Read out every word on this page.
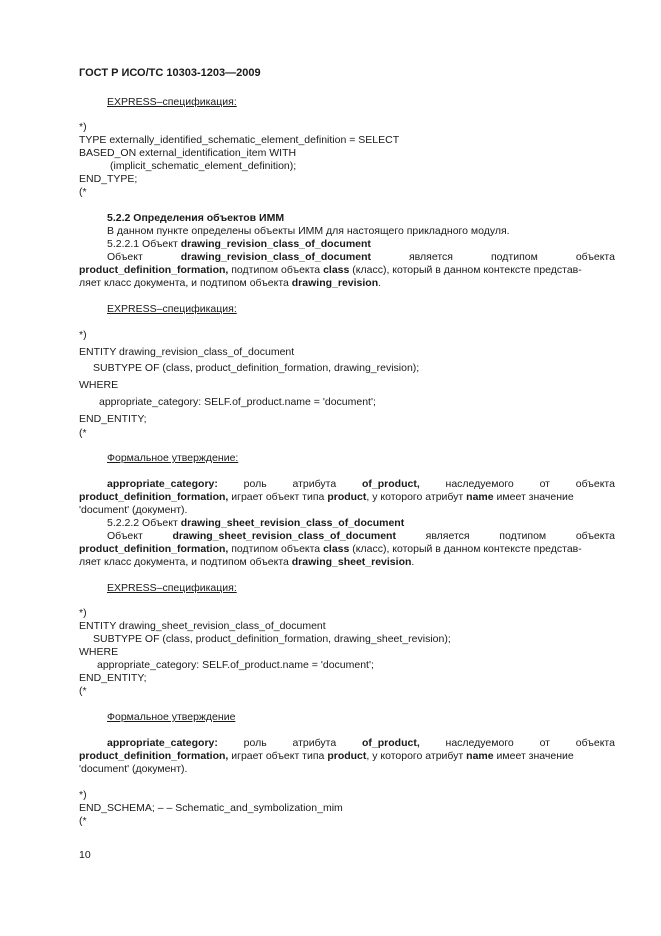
ГОСТ Р ИСО/ТС 10303-1203—2009
EXPRESS–спецификация:
*)
TYPE externally_identified_schematic_element_definition = SELECT
BASED_ON external_identification_item WITH
(implicit_schematic_element_definition);
END_TYPE;
(*
5.2.2 Определения объектов ИММ
В данном пункте определены объекты ИММ для настоящего прикладного модуля.
5.2.2.1 Объект drawing_revision_class_of_document
Объект	drawing_revision_class_of_document	является	подтипом	объекта
product_definition_formation, подтипом объекта class (класс), который в данном контексте представ-
ляет класс документа, и подтипом объекта drawing_revision.
EXPRESS–спецификация:
*)
ENTITY drawing_revision_class_of_document
SUBTYPE OF (class, product_definition_formation, drawing_revision);
WHERE
appropriate_category: SELF.of_product.name = 'document';
END_ENTITY;
(*
Формальное утверждение:
appropriate_category: роль атрибута of_product, наследуемого от объекта
product_definition_formation, играет объект типа product, у которого атрибут name имеет значение
'document' (документ).
5.2.2.2 Объект drawing_sheet_revision_class_of_document
Объект	drawing_sheet_revision_class_of_document	является	подтипом	объекта
product_definition_formation, подтипом объекта class (класс), который в данном контексте представ-
ляет класс документа, и подтипом объекта drawing_sheet_revision.
EXPRESS–спецификация:
*)
ENTITY drawing_sheet_revision_class_of_document
SUBTYPE OF (class, product_definition_formation, drawing_sheet_revision);
WHERE
appropriate_category: SELF.of_product.name = 'document';
END_ENTITY;
(*
Формальное утверждение
appropriate_category: роль атрибута of_product, наследуемого от объекта
product_definition_formation, играет объект типа product, у которого атрибут name имеет значение
'document' (документ).
*)
END_SCHEMA; – – Schematic_and_symbolization_mim
(*
10
